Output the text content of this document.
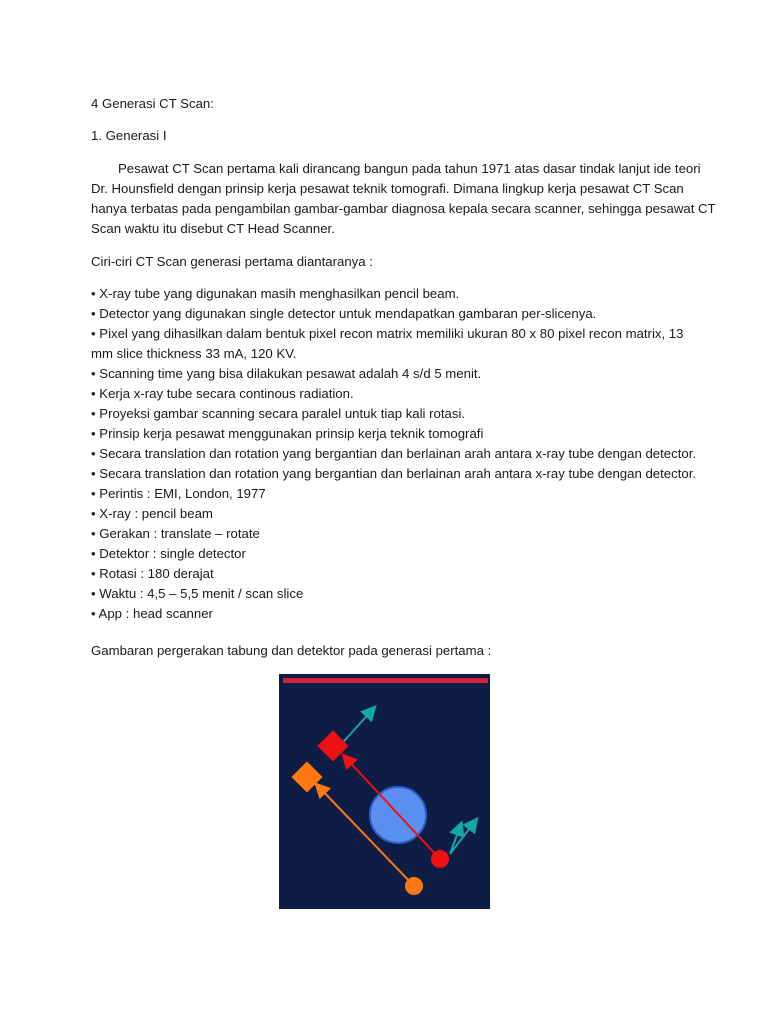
4 Generasi CT Scan:
1. Generasi I
Pesawat CT Scan pertama kali dirancang bangun pada tahun 1971 atas dasar tindak lanjut ide teori
Dr. Hounsfield dengan prinsip kerja pesawat teknik tomografi. Dimana lingkup kerja pesawat CT Scan
hanya terbatas pada pengambilan gambar-gambar diagnosa kepala secara scanner, sehingga pesawat CT
Scan waktu itu disebut CT Head Scanner.
Ciri-ciri CT Scan generasi pertama diantaranya :
• X-ray tube yang digunakan masih menghasilkan pencil beam.
• Detector yang digunakan single detector untuk mendapatkan gambaran per-slicenya.
• Pixel yang dihasilkan dalam bentuk pixel recon matrix memiliki ukuran 80 x 80 pixel recon matrix, 13
mm slice thickness 33 mA, 120 KV.
• Scanning time yang bisa dilakukan pesawat adalah 4 s/d 5 menit.
• Kerja x-ray tube secara continous radiation.
• Proyeksi gambar scanning secara paralel untuk tiap kali rotasi.
• Prinsip kerja pesawat menggunakan prinsip kerja teknik tomografi
• Secara translation dan rotation yang bergantian dan berlainan arah antara x-ray tube dengan detector.
• Secara translation dan rotation yang bergantian dan berlainan arah antara x-ray tube dengan detector.
• Perintis : EMI, London, 1977
• X-ray : pencil beam
• Gerakan : translate – rotate
• Detektor : single detector
• Rotasi : 180 derajat
• Waktu : 4,5 – 5,5 menit / scan slice
• App : head scanner
Gambaran pergerakan tabung dan detektor pada generasi pertama :
